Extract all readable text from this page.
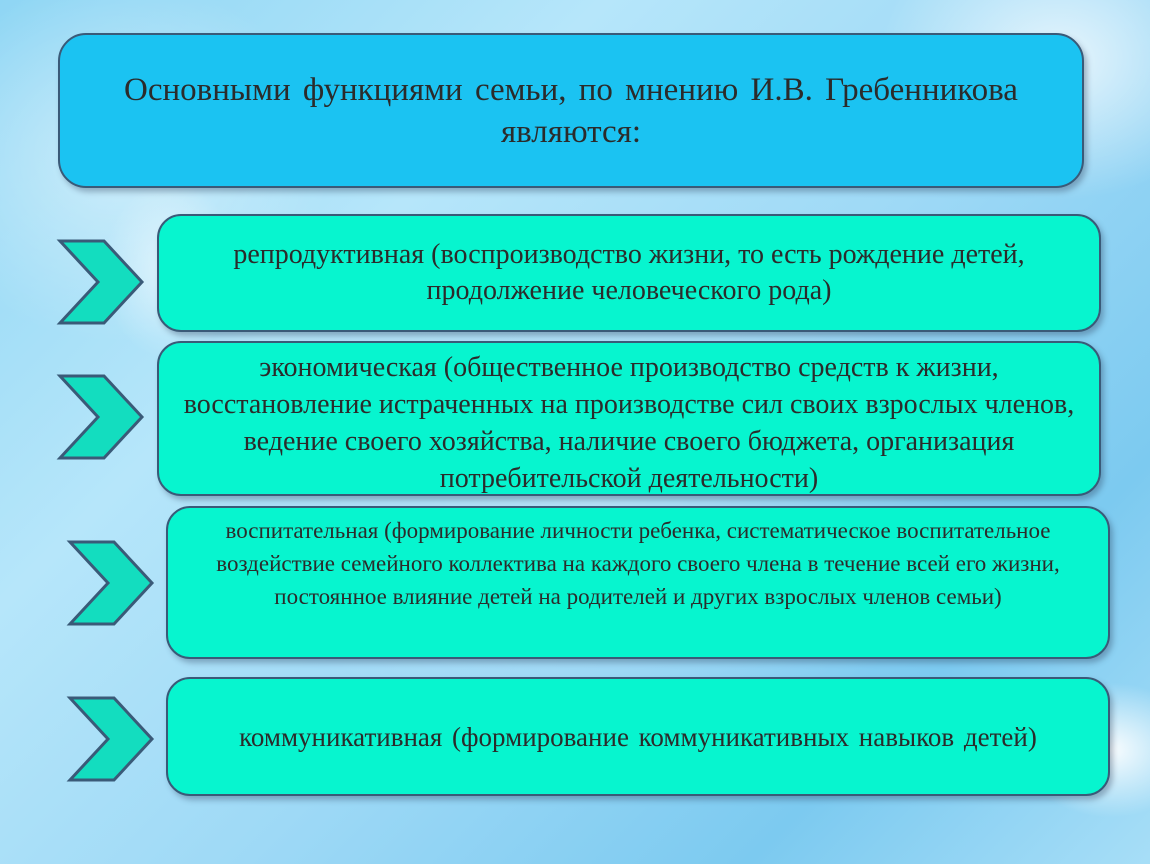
Основными функциями семьи, по мнению И.В. Гребенникова являются:
репродуктивная (воспроизводство жизни, то есть рождение детей, продолжение человеческого рода)
экономическая (общественное производство средств к жизни, восстановление истраченных на производстве сил своих взрослых членов, ведение своего хозяйства, наличие своего бюджета, организация потребительской деятельности)
воспитательная (формирование личности ребенка, систематическое воспитательное воздействие семейного коллектива на каждого своего члена в течение всей его жизни, постоянное влияние детей на родителей и других взрослых членов семьи)
коммуникативная (формирование коммуникативных навыков детей)
